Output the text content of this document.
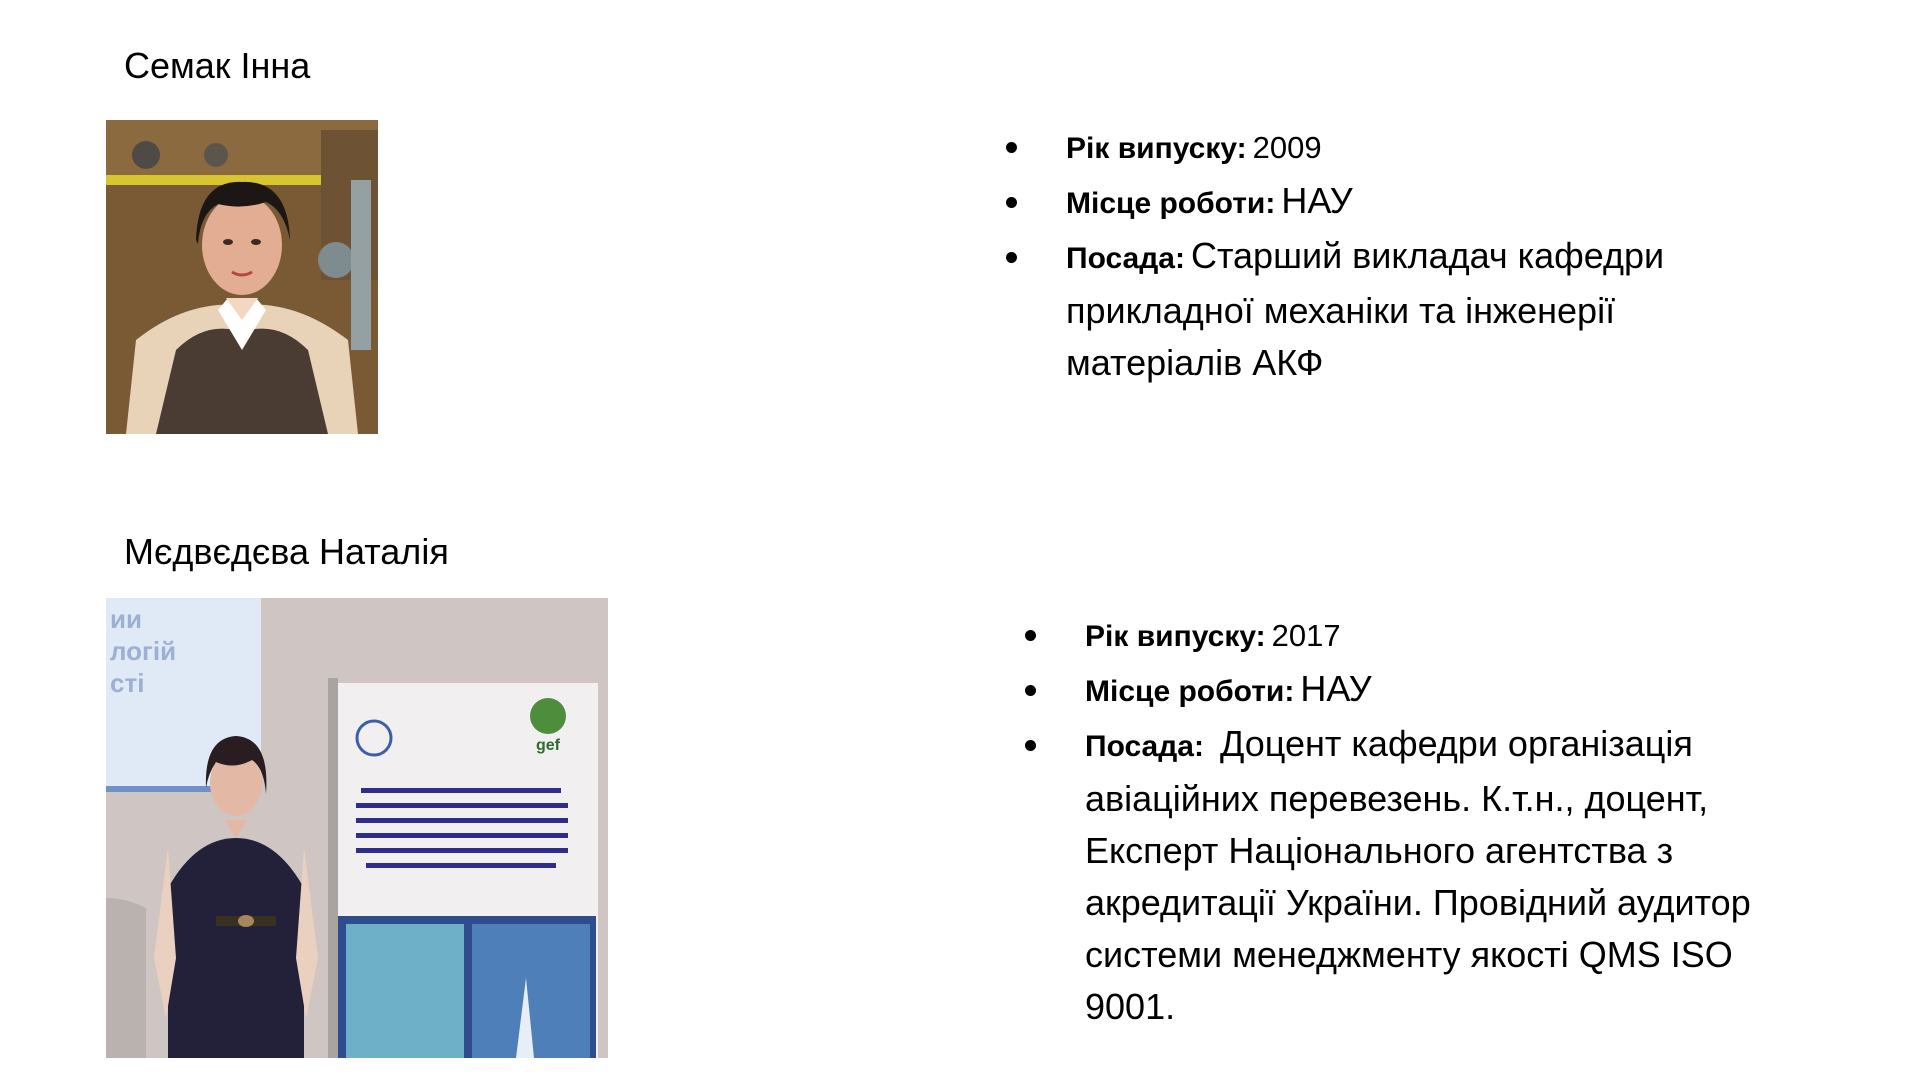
Семак Інна
Рік випуску: 2009
Місце роботи: НАУ
Посада: Старший викладач кафедри прикладної механіки та інженерії матеріалів АКФ
Мєдвєдєва Наталія
ии
логій
сті
gef
Рік випуску: 2017
Місце роботи: НАУ
Посада: Доцент кафедри організація авіаційних перевезень. К.т.н., доцент, Експерт Національного агентства з акредитації України. Провідний аудитор системи менеджменту якості QMS ISO 9001.
